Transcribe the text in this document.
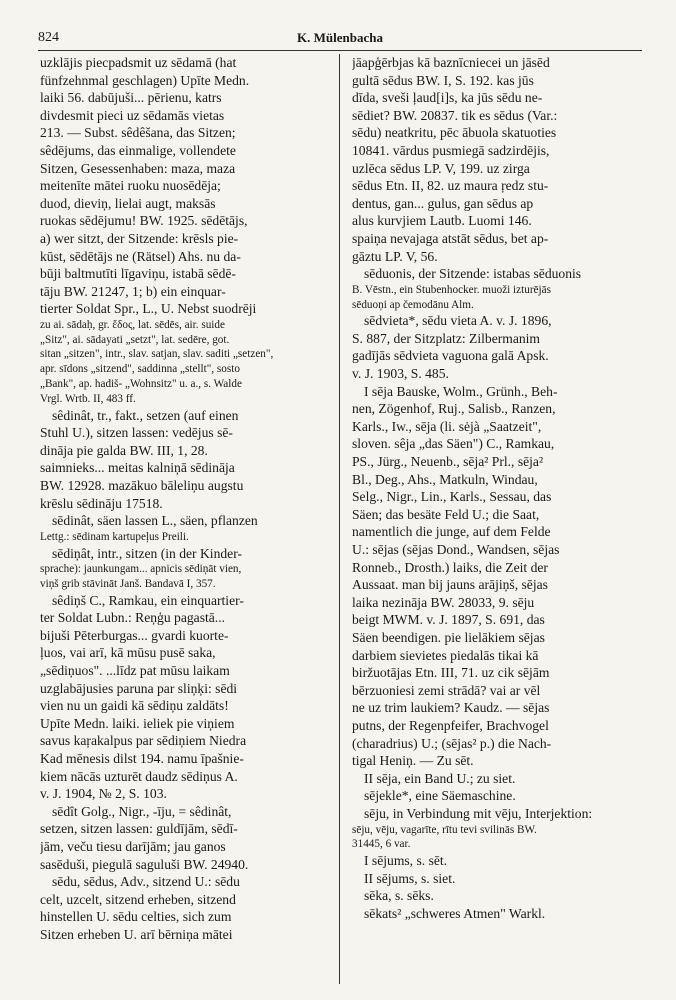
824	K. Mülenbacha
uzklājis piecpadsmit uz sēdamā (hat
fünfzehnmal geschlagen) Upīte Medn.
laiki 56. dabūjuši... pērienu, katrs
divdesmit pieci uz sēdamās vietas
213. — Subst. sêdêšana, das Sitzen;
sêdējums, das einmalige, vollendete
Sitzen, Gesessenhaben: maza, maza
meitenīte mātei ruoku nuosēdēja;
duod, dieviņ, lielai augt, maksās
ruokas sēdējumu! BW. 1925. sēdētājs,
a) wer sitzt, der Sitzende: krēsls pie-
kūst, sēdētājs ne (Rätsel) Ahs. nu da-
būji baltmutīti līgaviņu, istabā sēdē-
tāju BW. 21247, 1; b) ein einquar-
tierter Soldat Spr., L., U. Nebst suodrēji
zu ai. sādaḥ, gr. ἕδος, lat. sēdēs, air. suide
„Sitz", ai. sādayati „setzt", lat. sedēre, got.
sitan „sitzen", intr., slav. satjan, slav. saditi „setzen",
apr. sīdons „sitzend", saddinna „stellt", sosto
„Bank", ap. hadiš- „Wohnsitz" u. a., s. Walde
Vrgl. Wrtb. II, 483 ff.
sêdinât, tr., fakt., setzen (auf einen
Stuhl U.), sitzen lassen: vedējus sē-
dināja pie galda BW. III, 1, 28.
saimnieks... meitas kalniņā sēdināja
BW. 12928. mazākuo bāleliņu augstu
krēslu sēdināju 17518.
sēdinât, säen lassen L., säen, pflanzen
Lettg.: sēdinam kartupeļus Preili.
sēdiņât, intr., sitzen (in der Kinder-
sprache): jaunkungam... apnicis sēdiņāt vien,
viņš grib stāvināt Janš. Bandavā I, 357.
sêdiņš C., Ramkau, ein einquartier-
ter Soldat Lubn.: Reņģu pagastā...
bijuši Pēterburgas... gvardi kuorte-
ļuos, vai arī, kā mūsu pusē saka,
„sēdiņuos". ...līdz pat mūsu laikam
uzglabājusies paruna par sliņķi: sēdi
vien nu un gaidi kā sēdiņu zaldāts!
Upīte Medn. laiki. ieliek pie viņiem
savus kaŗakalpus par sēdiņiem Niedra
Kad mēnesis dilst 194. namu īpašnie-
kiem nācās uzturēt daudz sēdiņus A.
v. J. 1904, № 2, S. 103.
sēdît Golg., Nigr., -īju, = sêdinât,
setzen, sitzen lassen: guldījām, sēdī-
jām, veču tiesu darījām; jau ganos
sasēduši, piegulā saguluši BW. 24940.
sēdu, sēdus, Adv., sitzend U.: sēdu
celt, uzcelt, sitzend erheben, sitzend
hinstellen U. sēdu celties, sich zum
Sitzen erheben U. arī bērniņa mātei
jāapģērbjas kā baznīcniecei un jāsēd
gultā sēdus BW. I, S. 192. kas jūs
dīda, sveši ļaud[i]s, ka jūs sēdu ne-
sēdiet? BW. 20837. tik es sēdus (Var.:
sēdu) neatkritu, pēc ābuola skatuoties
10841. vārdus pusmiegā sadzirdējis,
uzlēca sēdus LP. V, 199. uz zirga
sēdus Etn. II, 82. uz maura ŗedz stu-
dentus, gan... gulus, gan sēdus ap
alus kurvjiem Lautb. Luomi 146.
spaiņa nevajaga atstāt sēdus, bet ap-
gāztu LP. V, 56.
sēduonis, der Sitzende: istabas sēduonis
B. Vēstn., ein Stubenhocker. muoži izturējās
sēduoņi ap čemodānu Alm.
sēdvieta*, sēdu vieta A. v. J. 1896,
S. 887, der Sitzplatz: Zilbermanim
gadījās sēdvieta vaguona galā Apsk.
v. J. 1903, S. 485.
I sēja Bauske, Wolm., Grünh., Beh-
nen, Zögenhof, Ruj., Salisb., Ranzen,
Karls., Iw., sēja (li. sėjà „Saatzeit",
sloven. sêja „das Säen") C., Ramkau,
PS., Jürg., Neuenb., sēja² Prl., sēja²
Bl., Deg., Ahs., Matkuln, Windau,
Selg., Nigr., Lin., Karls., Sessau, das
Säen; das besäte Feld U.; die Saat,
namentlich die junge, auf dem Felde
U.: sējas (sējas Dond., Wandsen, sējas
Ronneb., Drosth.) laiks, die Zeit der
Aussaat. man bij jauns arājiņš, sējas
laika nezināja BW. 28033, 9. sēju
beigt MWM. v. J. 1897, S. 691, das
Säen beendigen. pie lielākiem sējas
darbiem sievietes piedalās tikai kā
biržuotājas Etn. III, 71. uz cik sējām
bērzuoniesi zemi strādā? vai ar vēl
ne uz trim laukiem? Kaudz. — sējas
putns, der Regenpfeifer, Brachvogel
(charadrius) U.; (sējas² p.) die Nach-
tigal Heniņ. — Zu sēt.
II sēja, ein Band U.; zu siet.
sējekle*, eine Säemaschine.
sēju, in Verbindung mit vēju, Interjektion:
sēju, vēju, vagarīte, rītu tevi svilinās BW.
31445, 6 var.
I sējums, s. sēt.
II sējums, s. siet.
sēka, s. sēks.
sēkats² „schweres Atmen" Warkl.
